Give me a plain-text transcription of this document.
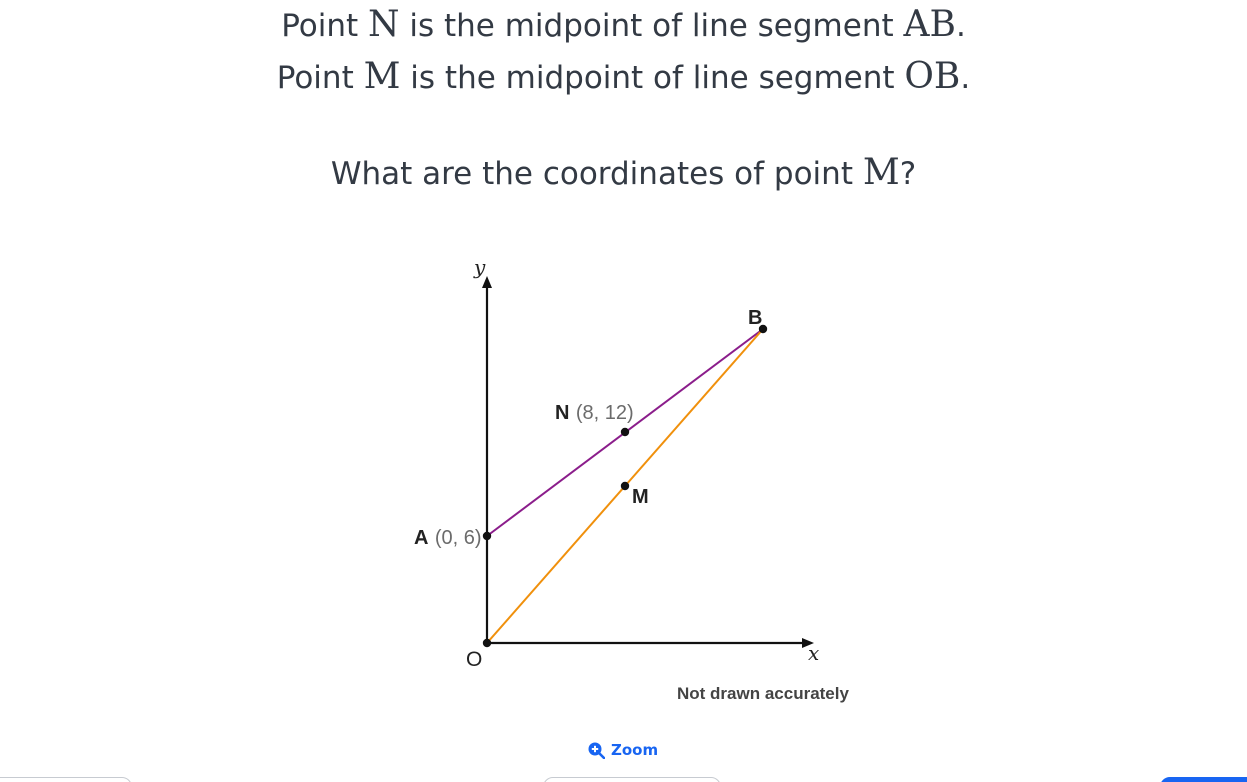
Point N is the midpoint of line segment AB.
Point M is the midpoint of line segment OB.
What are the coordinates of point M?
y
x
O
A (0, 6)
N (8, 12)
M
B
Not drawn accurately
Zoom
